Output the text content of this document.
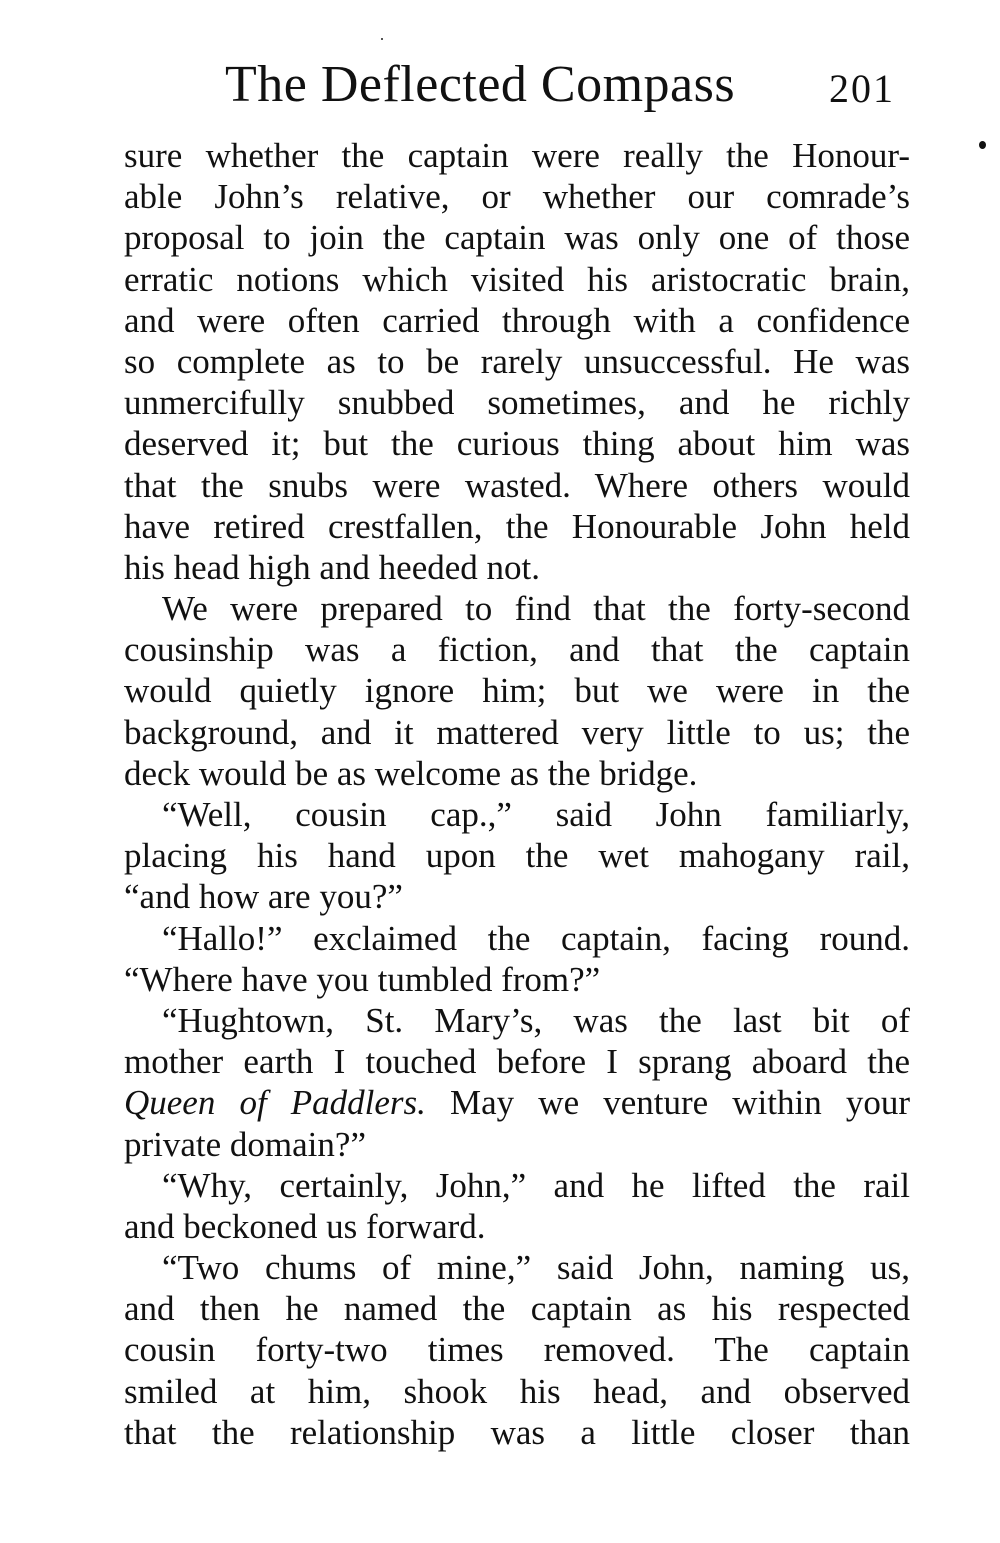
The Deflected Compass 201
sure whether the captain were really the Honour-
able John’s relative, or whether our comrade’s
proposal to join the captain was only one of those
erratic notions which visited his aristocratic brain,
and were often carried through with a confidence
so complete as to be rarely unsuccessful. He was
unmercifully snubbed sometimes, and he richly
deserved it; but the curious thing about him was
that the snubs were wasted. Where others would
have retired crestfallen, the Honourable John held
his head high and heeded not.
We were prepared to find that the forty-second
cousinship was a fiction, and that the captain
would quietly ignore him; but we were in the
background, and it mattered very little to us; the
deck would be as welcome as the bridge.
“Well, cousin cap.,” said John familiarly,
placing his hand upon the wet mahogany rail,
“and how are you?”
“Hallo!” exclaimed the captain, facing round.
“Where have you tumbled from?”
“Hughtown, St. Mary’s, was the last bit of
mother earth I touched before I sprang aboard the
Queen of Paddlers. May we venture within your
private domain?”
“Why, certainly, John,” and he lifted the rail
and beckoned us forward.
“Two chums of mine,” said John, naming us,
and then he named the captain as his respected
cousin forty-two times removed. The captain
smiled at him, shook his head, and observed
that the relationship was a little closer than
